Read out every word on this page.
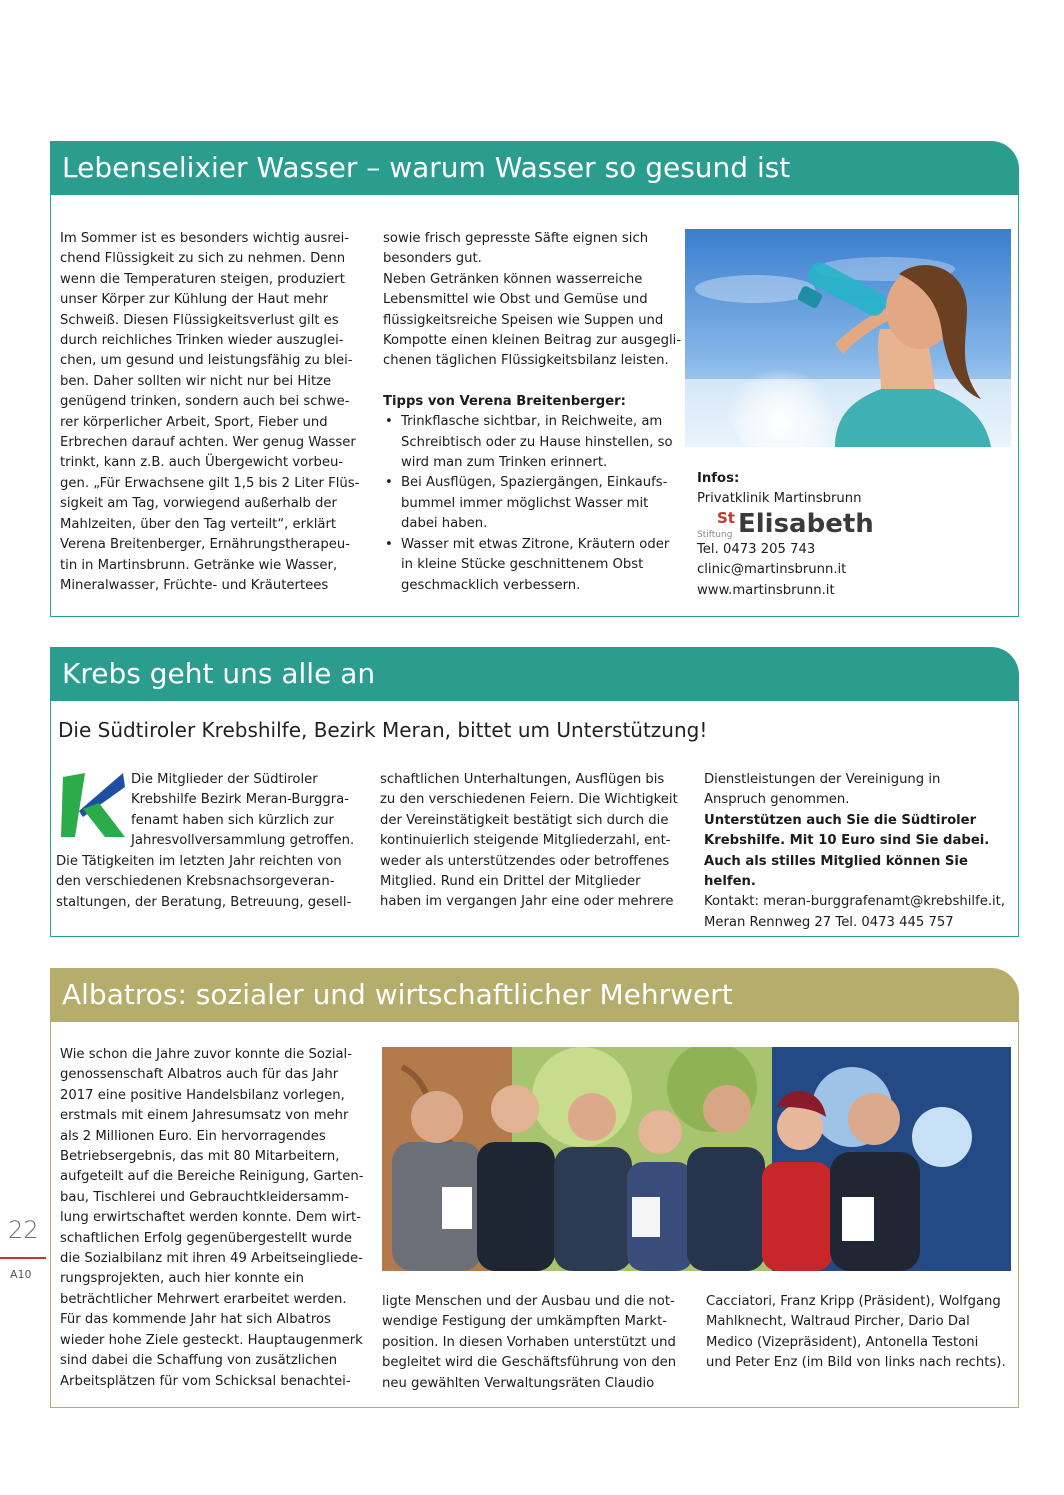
Lebenselixier Wasser – warum Wasser so gesund ist
Im Sommer ist es besonders wichtig ausrei-
chend Flüssigkeit zu sich zu nehmen. Denn
wenn die Temperaturen steigen, produziert
unser Körper zur Kühlung der Haut mehr
Schweiß. Diesen Flüssigkeitsverlust gilt es
durch reichliches Trinken wieder auszuglei-
chen, um gesund und leistungsfähig zu blei-
ben. Daher sollten wir nicht nur bei Hitze
genügend trinken, sondern auch bei schwe-
rer körperlicher Arbeit, Sport, Fieber und
Erbrechen darauf achten. Wer genug Wasser
trinkt, kann z.B. auch Übergewicht vorbeu-
gen. „Für Erwachsene gilt 1,5 bis 2 Liter Flüs-
sigkeit am Tag, vorwiegend außerhalb der
Mahlzeiten, über den Tag verteilt“, erklärt
Verena Breitenberger, Ernährungstherapeu-
tin in Martinsbrunn. Getränke wie Wasser,
Mineralwasser, Früchte- und Kräutertees
sowie frisch gepresste Säfte eignen sich
besonders gut.
Neben Getränken können wasserreiche
Lebensmittel wie Obst und Gemüse und
flüssigkeitsreiche Speisen wie Suppen und
Kompotte einen kleinen Beitrag zur ausgegli-
chenen täglichen Flüssigkeitsbilanz leisten.
Tipps von Verena Breitenberger:
• Trinkflasche sichtbar, in Reichweite, am
Schreibtisch oder zu Hause hinstellen, so
wird man zum Trinken erinnert.
• Bei Ausflügen, Spaziergängen, Einkaufs-
bummel immer möglichst Wasser mit
dabei haben.
• Wasser mit etwas Zitrone, Kräutern oder
in kleine Stücke geschnittenem Obst
geschmacklich verbessern.
Infos:
Privatklinik Martinsbrunn
Stiftung
St Elisabeth
Tel. 0473 205 743
clinic@martinsbrunn.it
www.martinsbrunn.it
Krebs geht uns alle an
Die Südtiroler Krebshilfe, Bezirk Meran, bittet um Unterstützung!
Die Mitglieder der Südtiroler
Krebshilfe Bezirk Meran-Burggra-
fenamt haben sich kürzlich zur
Jahresvollversammlung getroffen.
Die Tätigkeiten im letzten Jahr reichten von
den verschiedenen Krebsnachsorgeveran-
staltungen, der Beratung, Betreuung, gesell-
schaftlichen Unterhaltungen, Ausflügen bis
zu den verschiedenen Feiern. Die Wichtigkeit
der Vereinstätigkeit bestätigt sich durch die
kontinuierlich steigende Mitgliederzahl, ent-
weder als unterstützendes oder betroffenes
Mitglied. Rund ein Drittel der Mitglieder
haben im vergangen Jahr eine oder mehrere
Dienstleistungen der Vereinigung in
Anspruch genommen.
Unterstützen auch Sie die Südtiroler
Krebshilfe. Mit 10 Euro sind Sie dabei.
Auch als stilles Mitglied können Sie helfen.
Kontakt: meran-burggrafenamt@krebshilfe.it,
Meran Rennweg 27 Tel. 0473 445 757
Albatros: sozialer und wirtschaftlicher Mehrwert
Wie schon die Jahre zuvor konnte die Sozial-
genossenschaft Albatros auch für das Jahr
2017 eine positive Handelsbilanz vorlegen,
erstmals mit einem Jahresumsatz von mehr
als 2 Millionen Euro. Ein hervorragendes
Betriebsergebnis, das mit 80 Mitarbeitern,
aufgeteilt auf die Bereiche Reinigung, Garten-
bau, Tischlerei und Gebrauchtkleidersamm-
lung erwirtschaftet werden konnte. Dem wirt-
schaftlichen Erfolg gegenübergestellt wurde
die Sozialbilanz mit ihren 49 Arbeitseingliede-
rungsprojekten, auch hier konnte ein
beträchtlicher Mehrwert erarbeitet werden.
Für das kommende Jahr hat sich Albatros
wieder hohe Ziele gesteckt. Hauptaugenmerk
sind dabei die Schaffung von zusätzlichen
Arbeitsplätzen für vom Schicksal benachtei-
ligte Menschen und der Ausbau und die not-
wendige Festigung der umkämpften Markt-
position. In diesen Vorhaben unterstützt und
begleitet wird die Geschäftsführung von den
neu gewählten Verwaltungsräten Claudio
Cacciatori, Franz Kripp (Präsident), Wolfgang
Mahlknecht, Waltraud Pircher, Dario Dal
Medico (Vizepräsident), Antonella Testoni
und Peter Enz (im Bild von links nach rechts).
22
A10
